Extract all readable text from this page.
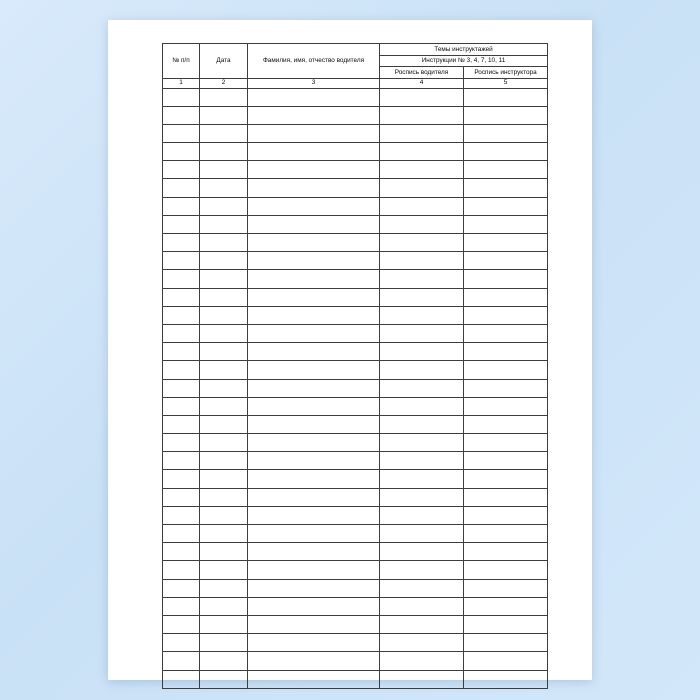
№ п/п	Дата	Фамилия, имя, отчество водителя	Темы инструктажей	
			Инструкции № 3, 4, 7, 10, 11	
			Роспись водителя	Роспись инструктора
1	2	3	4	5
